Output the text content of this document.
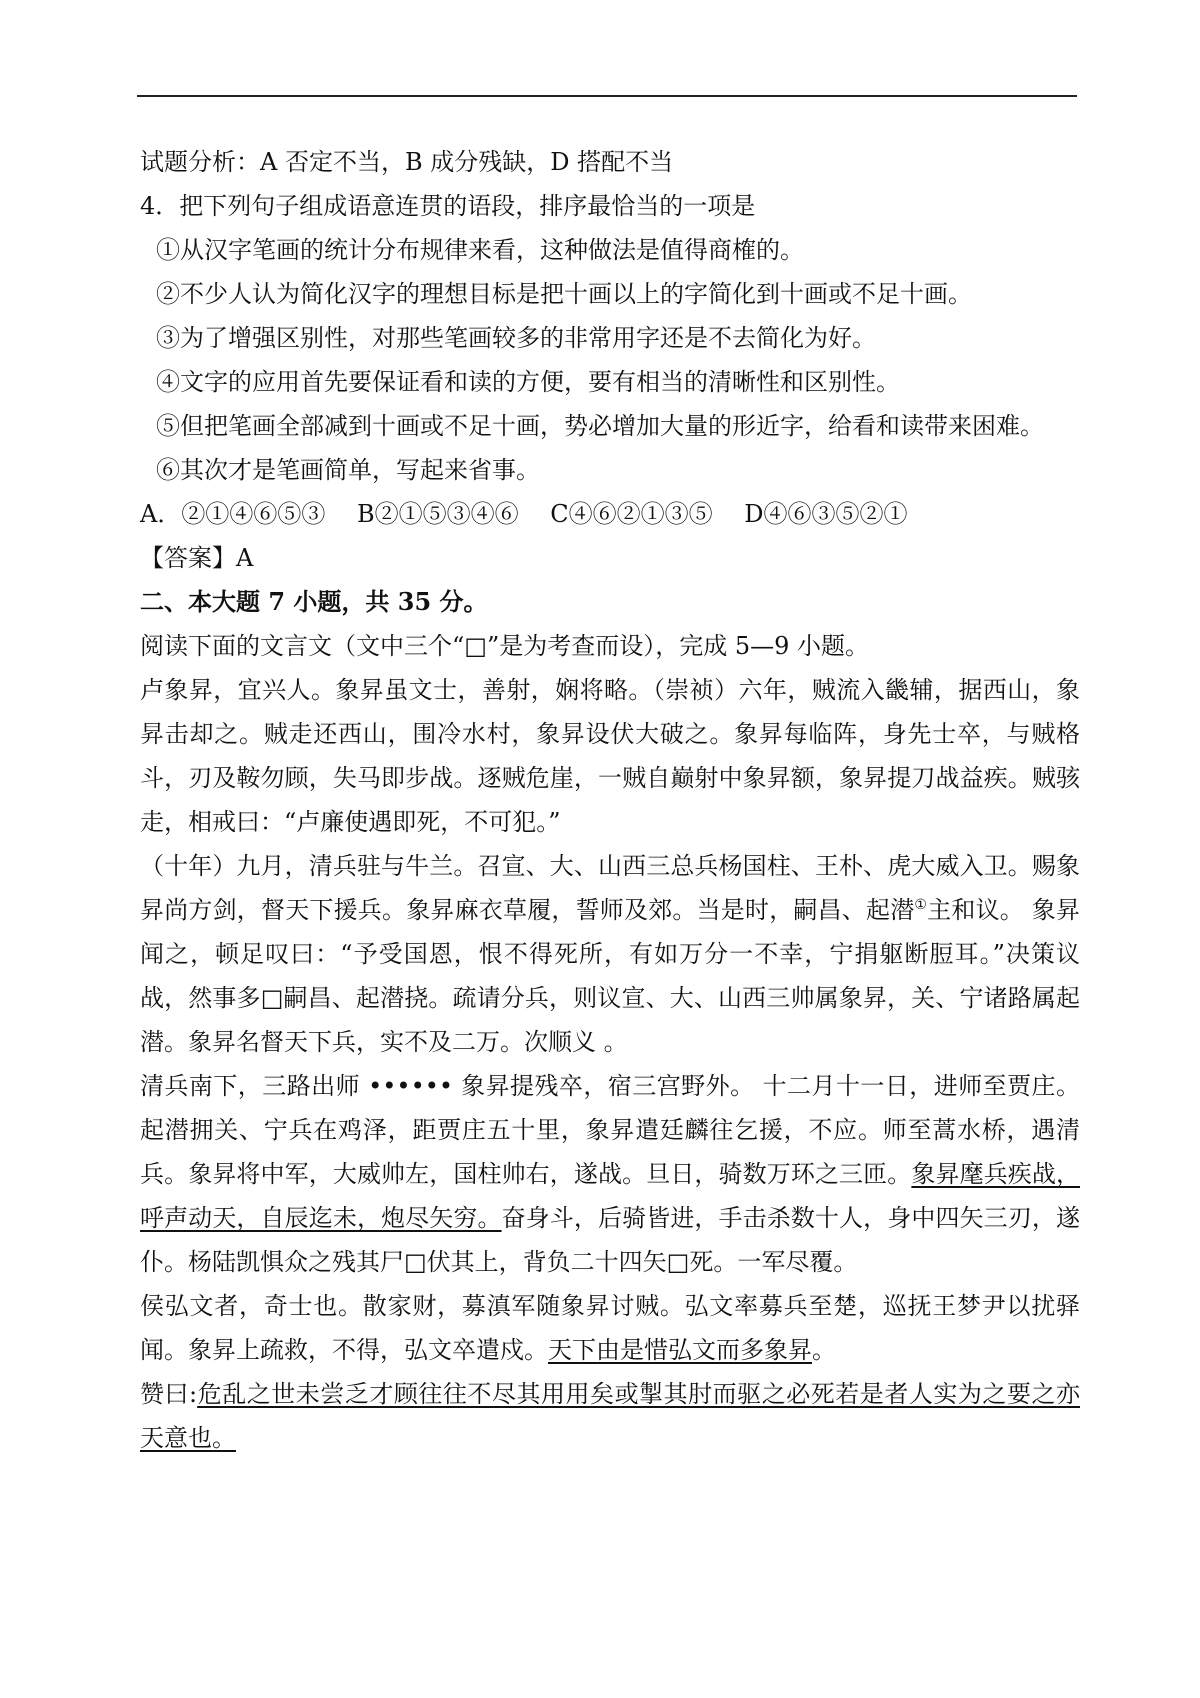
试题分析：A 否定不当，B 成分残缺，D 搭配不当
4．把下列句子组成语意连贯的语段，排序最恰当的一项是
①从汉字笔画的统计分布规律来看，这种做法是值得商榷的。
②不少人认为简化汉字的理想目标是把十画以上的字简化到十画或不足十画。
③为了增强区别性，对那些笔画较多的非常用字还是不去简化为好。
④文字的应用首先要保证看和读的方便，要有相当的清晰性和区别性。
⑤但把笔画全部减到十画或不足十画，势必增加大量的形近字，给看和读带来困难。
⑥其次才是笔画简单，写起来省事。
A．②①④⑥⑤③　 B②①⑤③④⑥　 C④⑥②①③⑤　 D④⑥③⑤②①
【答案】A
二、本大题 7 小题，共 35 分。
阅读下面的文言文（文中三个“□”是为考查而设），完成 5—9 小题。
卢象昇，宜兴人。象昇虽文士，善射，娴将略。（崇祯）六年，贼流入畿辅，据西山，象昇击却之。贼走还西山，围冷水村，象昇设伏大破之。象昇每临阵，身先士卒，与贼格斗，刃及鞍勿顾，失马即步战。逐贼危崖，一贼自巅射中象昇额，象昇提刀战益疾。贼骇走，相戒曰：“卢廉使遇即死，不可犯。”
（十年）九月，清兵驻与牛兰。召宣、大、山西三总兵杨国柱、王朴、虎大威入卫。赐象昇尚方剑，督天下援兵。象昇麻衣草履，誓师及郊。当是时，嗣昌、起潜①主和议。 象昇闻之，顿足叹曰：“予受国恩，恨不得死所，有如万分一不幸，宁捐躯断脰耳。”决策议战，然事多□嗣昌、起潜挠。疏请分兵，则议宣、大、山西三帅属象昇，关、宁诸路属起潜。象昇名督天下兵，实不及二万。次顺义 。
清兵南下，三路出师 •••••• 象昇提残卒，宿三宫野外。 十二月十一日，进师至贾庄。起潜拥关、宁兵在鸡泽，距贾庄五十里，象昇遣廷麟往乞援，不应。师至蒿水桥，遇清兵。象昇将中军，大威帅左，国柱帅右，遂战。旦日，骑数万环之三匝。象昇麾兵疾战，呼声动天，自辰迄未，炮尽矢穷。奋身斗，后骑皆进，手击杀数十人，身中四矢三刃，遂仆。杨陆凯惧众之残其尸□伏其上，背负二十四矢□死。一军尽覆。
侯弘文者，奇士也。散家财，募滇军随象昇讨贼。弘文率募兵至楚，巡抚王梦尹以扰驿闻。象昇上疏救，不得，弘文卒遣戍。天下由是惜弘文而多象昇。
赞曰:危乱之世未尝乏才顾往往不尽其用用矣或掣其肘而驱之必死若是者人实为之要之亦天意也。
